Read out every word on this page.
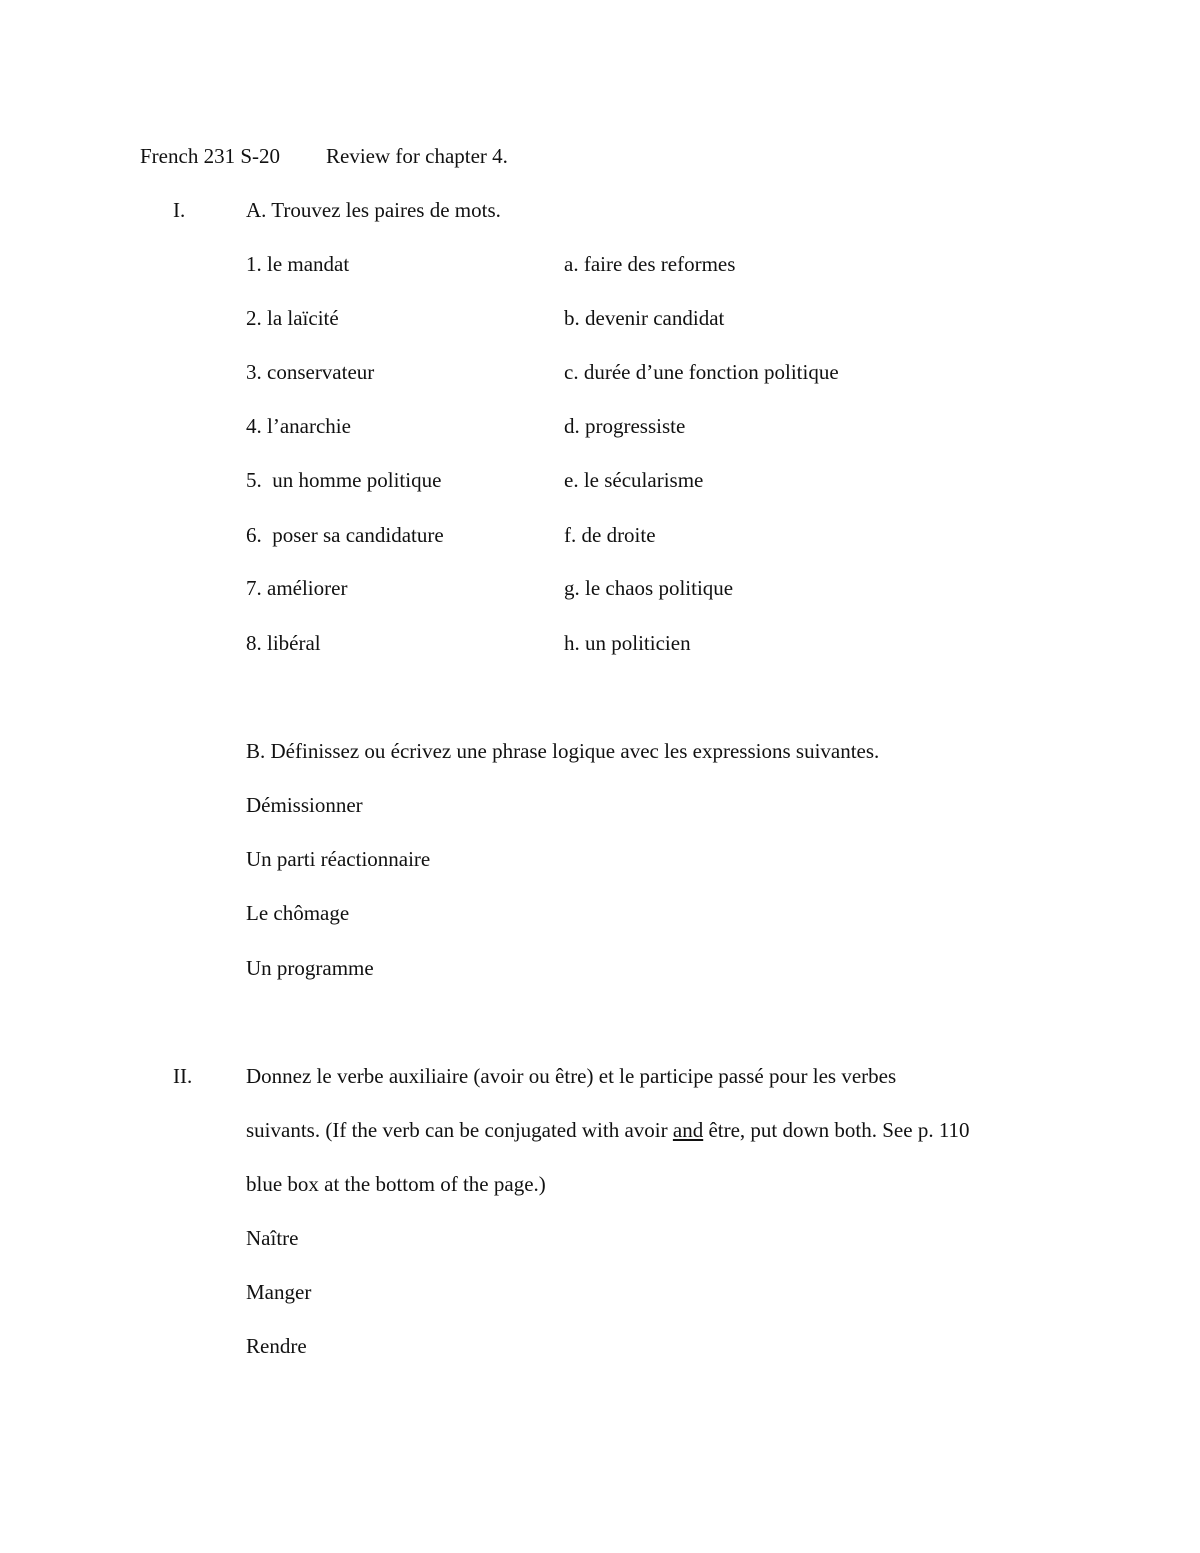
French 231 S-20 Review for chapter 4.
I.	A. Trouvez les paires de mots.
1. le mandat
2. la laïcité
3. conservateur
4. l’anarchie
5.  un homme politique
6.  poser sa candidature
7. améliorer
8. libéral
a. faire des reformes
b. devenir candidat
c. durée d’une fonction politique
d. progressiste
e. le sécularisme
f. de droite
g. le chaos politique
h. un politicien
B. Définissez ou écrivez une phrase logique avec les expressions suivantes.
Démissionner
Un parti réactionnaire
Le chômage
Un programme
II.	Donnez le verbe auxiliaire (avoir ou être) et le participe passé pour les verbes
suivants. (If the verb can be conjugated with avoir and être, put down both. See p. 110
blue box at the bottom of the page.)
Naître
Manger
Rendre
